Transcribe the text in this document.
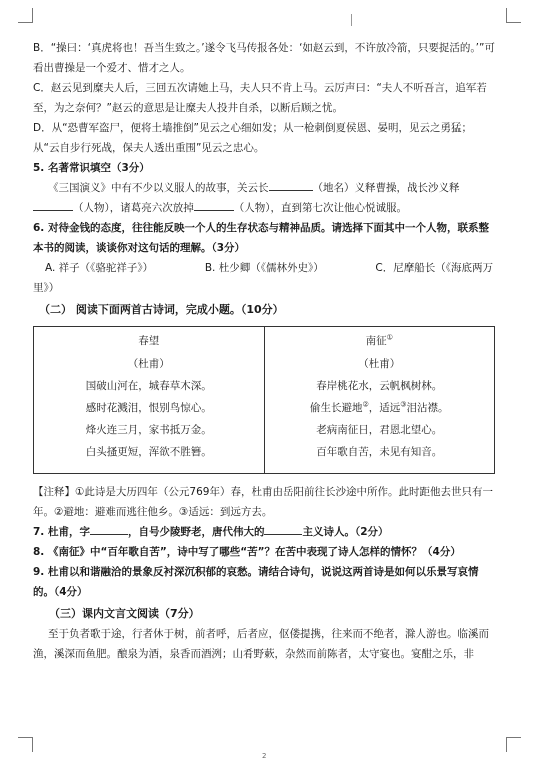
B．“操曰：‘真虎将也！吾当生致之。’遂令飞马传报各处：‘如赵云到，不许放冷箭，只要捉活的。’”可看出曹操是一个爱才、惜才之人。

C．赵云见到糜夫人后，三回五次请她上马，夫人只不肯上马。云厉声曰：“夫人不听吾言，追军若至，为之奈何？”赵云的意思是让糜夫人投井自杀，以断后顾之忧。

D．从“恐曹军盗尸，便将土墙推倒”见云之心细如发；从一枪刺倒夏侯恩、晏明，见云之勇猛；从“云自步行死战，保夫人透出重围”见云之忠心。

5. 名著常识填空（3分）

《三国演义》中有不少以义服人的故事，关云长	（地名）义释曹操，战长沙义释（人物），诸葛亮六次放掉	（人物），直到第七次让他心悦诚服。

6. 对待金钱的态度，往往能反映一个人的生存状态与精神品质。请选择下面其中一个人物，联系整本书的阅读，谈谈你对这句话的理解。（3分）

A. 祥子（《骆驼祥子》）	B. 杜少卿（《儒林外史》）	C．尼摩船长（《海底两万

里》）

（二） 阅读下面两首古诗词，完成小题。（10分）

春望
（杜甫）
国破山河在，城春草木深。
感时花溅泪，恨别鸟惊心。
烽火连三月，家书抵万金。
白头搔更短，浑欲不胜簪。
南征①
（杜甫）
春岸桃花水，云帆枫树林。
偷生长避地②，适远③泪沾襟。
老病南征日，君恩北望心。
百年歌自苦，未见有知音。

【注释】①此诗是大历四年（公元769年）春，杜甫由岳阳前往长沙途中所作。此时距他去世只有一年。②避地：避难而逃往他乡。③适远：到远方去。

7. 杜甫，字	，自号少陵野老，唐代伟大的	主义诗人。（2分）

8. 《南征》中“百年歌自苦”，诗中写了哪些“苦”？在苦中表现了诗人怎样的情怀？（4分）

9. 杜甫以和谐融洽的景象反衬深沉积郁的哀愁。请结合诗句，说说这两首诗是如何以乐景写哀情的。（4分）

（三）课内文言文阅读（7分）

至于负者歌于途，行者休于树，前者呼，后者应，伛偻提携，往来而不绝者，滁人游也。临溪而渔，溪深而鱼肥。酿泉为酒，泉香而酒洌；山肴野蔌，杂然而前陈者，太守宴也。宴酣之乐，非

2
